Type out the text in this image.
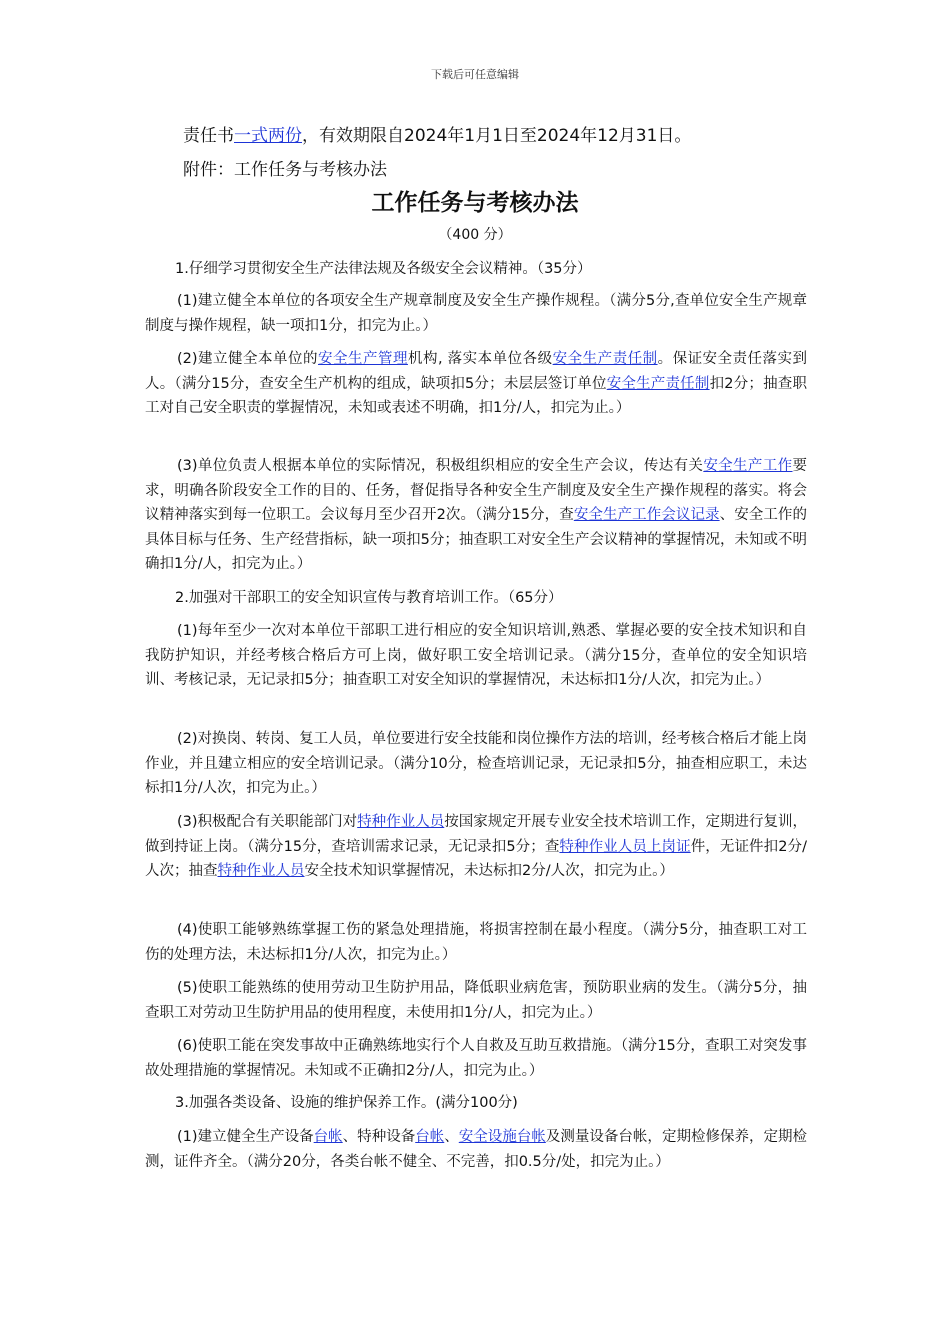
下载后可任意编辑
责任书一式两份，有效期限自2024年1月1日至2024年12月31日。
附件：工作任务与考核办法
工作任务与考核办法
（400 分）
1.仔细学习贯彻安全生产法律法规及各级安全会议精神。（35分）

(1)建立健全本单位的各项安全生产规章制度及安全生产操作规程。（满分5分,查单位安全生产规章制度与操作规程，缺一项扣1分，扣完为止。）

(2)建立健全本单位的安全生产管理机构, 落实本单位各级安全生产责任制。保证安全责任落实到人。（满分15分，查安全生产机构的组成，缺项扣5分；未层层签订单位安全生产责任制扣2分；抽查职工对自己安全职责的掌握情况，未知或表述不明确，扣1分/人，扣完为止。）

(3)单位负责人根据本单位的实际情况，积极组织相应的安全生产会议，传达有关安全生产工作要求，明确各阶段安全工作的目的、任务，督促指导各种安全生产制度及安全生产操作规程的落实。将会议精神落实到每一位职工。会议每月至少召开2次。（满分15分，查安全生产工作会议记录、安全工作的具体目标与任务、生产经营指标，缺一项扣5分；抽查职工对安全生产会议精神的掌握情况，未知或不明确扣1分/人，扣完为止。）

2.加强对干部职工的安全知识宣传与教育培训工作。（65分）

(1)每年至少一次对本单位干部职工进行相应的安全知识培训,熟悉、掌握必要的安全技术知识和自我防护知识，并经考核合格后方可上岗，做好职工安全培训记录。（满分15分，查单位的安全知识培训、考核记录，无记录扣5分；抽查职工对安全知识的掌握情况，未达标扣1分/人次，扣完为止。）

(2)对换岗、转岗、复工人员，单位要进行安全技能和岗位操作方法的培训，经考核合格后才能上岗作业，并且建立相应的安全培训记录。（满分10分，检查培训记录，无记录扣5分，抽查相应职工，未达标扣1分/人次，扣完为止。）

(3)积极配合有关职能部门对特种作业人员按国家规定开展专业安全技术培训工作，定期进行复训，做到持证上岗。（满分15分，查培训需求记录，无记录扣5分；查特种作业人员上岗证件，无证件扣2分/人次；抽查特种作业人员安全技术知识掌握情况，未达标扣2分/人次，扣完为止。）

(4)使职工能够熟练掌握工伤的紧急处理措施，将损害控制在最小程度。（满分5分，抽查职工对工伤的处理方法，未达标扣1分/人次，扣完为止。）

(5)使职工能熟练的使用劳动卫生防护用品，降低职业病危害，预防职业病的发生。（满分5分，抽查职工对劳动卫生防护用品的使用程度，未使用扣1分/人，扣完为止。）

(6)使职工能在突发事故中正确熟练地实行个人自救及互助互救措施。（满分15分，查职工对突发事故处理措施的掌握情况。未知或不正确扣2分/人，扣完为止。）

3.加强各类设备、设施的维护保养工作。(满分100分)

(1)建立健全生产设备台帐、特种设备台帐、安全设施台帐及测量设备台帐，定期检修保养，定期检测，证件齐全。（满分20分，各类台帐不健全、不完善，扣0.5分/处，扣完为止。）
